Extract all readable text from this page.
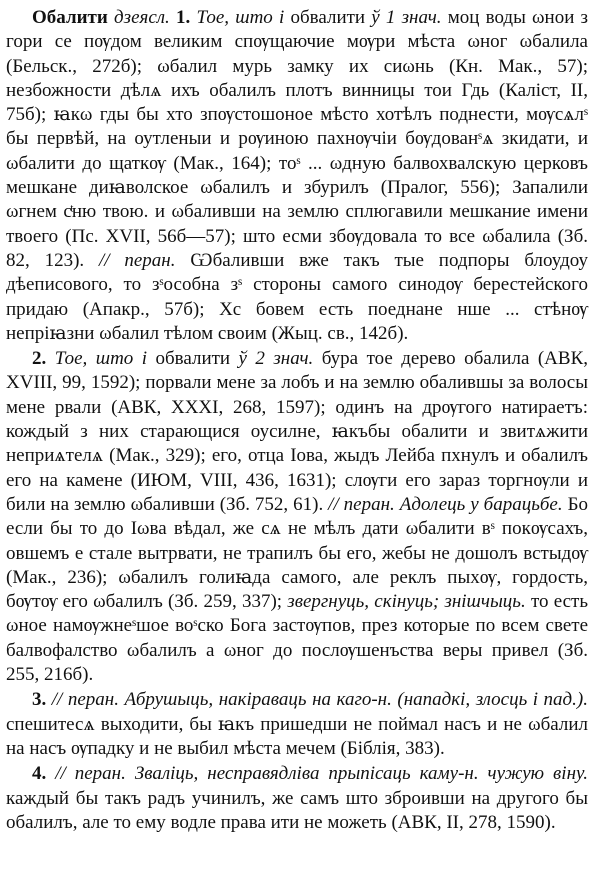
Обалити дзеясл. 1. Тое, што і обвалити ў 1 знач. моц воды ωнои з гори се пѹдом великим спѹщаючие мѹри мѣста ωног ωбалила (Бельск., 272б); ωбалил мурь замку их сиωнь (Кн. Мак., 57); незбожности дѣлѧ ихъ обалилъ плотъ винницы тои Гдь (Каліст, II, 75б); ꙗкω гды бы хто зпѹстошоное мѣсто хотѣлъ поднести, мѹсѧлˢ бы первѣй, на оутленыи и рѹиною пахнѹчіи бѹдованˢѧ зкидати, и ωбалити до щаткѹ (Мак., 164); тоˢ ... ωдную балвохвалскую церковъ мешкане диꙗволское ωбалилъ и збурилъ (Пралог, 556); Запалили ωгнем сͭню твою. и ωбаливши на землю сплюгавили мешкание имени твоего (Пс. XVII, 56б—57); што есми збѹдовала то все ωбалила (Зб. 82, 123). // перан. Ѡбаливши вже такъ тые подпоры блоудоу дѣеписового, то зˢособна зˢ стороны самого синодѹ берестейского придаю (Апакр., 57б); Хс бовем есть поеднане нше ... стѣнѹ непріꙗзни ωбалил тѣлом своим (Жыц. св., 142б).

2. Тое, што і обвалити ў 2 знач. бура тое дерево обалила (АВК, XVIII, 99, 1592); порвали мене за лобъ и на землю обалившы за волосы мене рвали (АВК, XXXI, 268, 1597); одинъ на дрѹгого натираетъ: кождый з них старающися оусилне, ꙗкъбы обалити и звитѧжити неприѧтелѧ (Мак., 329); его, отца Іова, жыдъ Лейба пхнулъ и обалилъ его на камене (ИЮМ, VIII, 436, 1631); слѹги его зараз торгнѹли и били на землю ωбаливши (Зб. 752, 61). // перан. Адолець у барацьбе. Бо если бы то до Іωва вѣдал, же сѧ не мѣлъ дати ωбалити вˢ покѹсахъ, овшемъ е стале вытрвати, не трапилъ бы его, жебы не дошолъ встыдѹ (Мак., 236); ωбалилъ голиꙗда самого, але реклъ пыхѹ, гордость, бѹтѹ его ωбалилъ (Зб. 259, 337); звергнуць, скінуць; знішчыць. то есть ωное намѹжнеˢшое воˢско Бога застѹпов, през которые по всем свете балвофалство ωбалилъ а ωног до послѹшенъства веры привел (Зб. 255, 216б).

3. // перан. Абрушыць, накіраваць на каго-н. (нападкі, злосць і пад.). спешитесѧ выходити, бы ꙗкъ пришедши не поймал насъ и не ωбалил на насъ ѹпадку и не выбил мѣста мечем (Біблія, 383).

4. // перан. Зваліць, несправядліва прыпісаць каму-н. чужую віну. каждый бы такъ радъ учинилъ, же самъ што зброивши на другого бы обалилъ, але то ему водле права ити не можеть (АВК, II, 278, 1590).
